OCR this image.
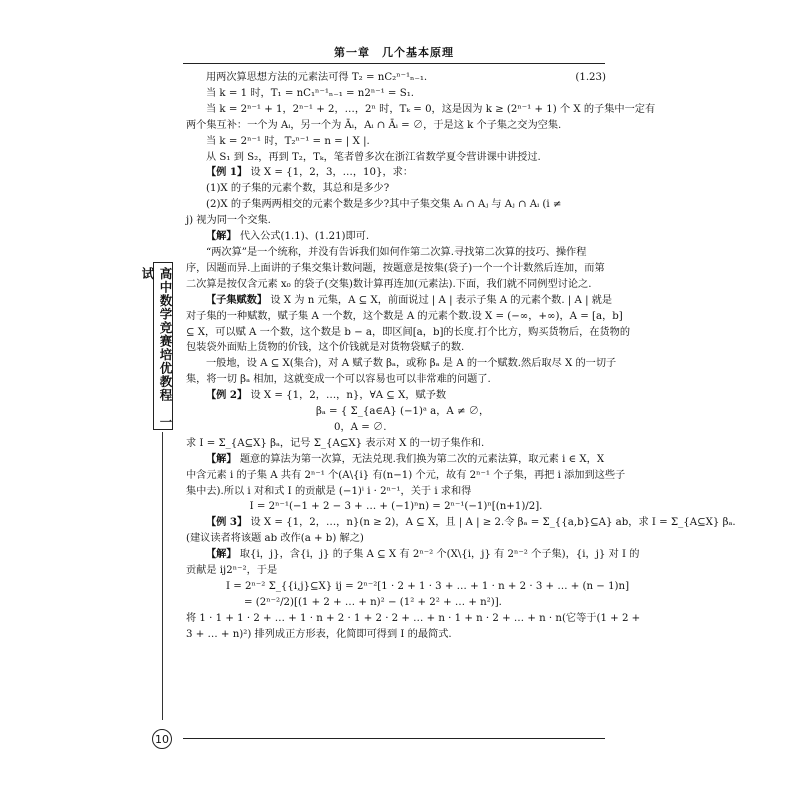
第一章　几个基本原理
用两次算思想方法的元素法可得 T₂ = nC₂ⁿ⁻¹ₙ₋₁.	(1.23)
当 k = 1 时，T₁ = nC₁ⁿ⁻¹ₙ₋₁ = n2ⁿ⁻¹ = S₁.
当 k = 2ⁿ⁻¹ + 1，2ⁿ⁻¹ + 2，…，2ⁿ 时，Tₖ = 0，这是因为 k ≥ (2ⁿ⁻¹ + 1) 个 X 的子集中一定有
两个集互补：一个为 Aᵢ，另一个为 Āᵢ，Aᵢ ∩ Āᵢ = ∅，于是这 k 个子集之交为空集.
当 k = 2ⁿ⁻¹ 时，T₂ⁿ⁻¹ = n = | X |.
从 S₁ 到 S₂，再到 T₂，Tₖ，笔者曾多次在浙江省数学夏令营讲课中讲授过.
【例 1】 设 X = {1，2，3，…，10}，求：
(1)X 的子集的元素个数，其总和是多少?
(2)X 的子集两两相交的元素个数是多少?其中子集交集 Aᵢ ∩ Aⱼ 与 Aⱼ ∩ Aᵢ (i ≠
j) 视为同一个交集.
【解】 代入公式(1.1)、(1.21)即可.
“两次算”是一个统称，并没有告诉我们如何作第二次算.寻找第二次算的技巧、操作程
序，因题而异.上面讲的子集交集计数问题，按题意是按集(袋子)一个一个计数然后连加，而第
二次算是按仅含元素 x₀ 的袋子(交集)数计算再连加(元素法).下面，我们就不同例型讨论之.
【子集赋数】 设 X 为 n 元集，A ⊆ X，前面说过 | A | 表示子集 A 的元素个数. | A | 就是
对子集的一种赋数，赋子集 A 一个数，这个数是 A 的元素个数.设 X = (−∞，+∞)，A = [a，b]
⊆ X，可以赋 A 一个数，这个数是 b − a，即区间[a，b]的长度.打个比方，购买货物后，在货物的
包装袋外面贴上货物的价钱，这个价钱就是对货物袋赋子的数.
一般地，设 A ⊆ X(集合)，对 A 赋子数 βₐ，或称 βₐ 是 A 的一个赋数.然后取尽 X 的一切子
集，将一切 βₐ 相加，这就变成一个可以容易也可以非常难的问题了.
【例 2】 设 X = {1，2，…，n}，∀A ⊆ X，赋予数
βₐ = { Σ_{a∈A} (−1)ᵃ a，A ≠ ∅，
0，A = ∅.
求 I = Σ_{A⊆X} βₐ，记号 Σ_{A⊆X} 表示对 X 的一切子集作和.
【解】 题意的算法为第一次算，无法兑现.我们换为第二次的元素法算，取元素 i ∈ X，X
中含元素 i 的子集 A 共有 2ⁿ⁻¹ 个(A\{i} 有(n−1) 个元，故有 2ⁿ⁻¹ 个子集，再把 i 添加到这些子
集中去).所以 i 对和式 I 的贡献是 (−1)ⁱ i · 2ⁿ⁻¹，关于 i 求和得
I = 2ⁿ⁻¹(−1 + 2 − 3 + … + (−1)ⁿn) = 2ⁿ⁻¹(−1)ⁿ[(n+1)/2].
【例 3】 设 X = {1，2，…，n}(n ≥ 2)，A ⊆ X，且 | A | ≥ 2.令 βₐ = Σ_{{a,b}⊆A} ab，求 I = Σ_{A⊆X} βₐ.
(建议读者将该题 ab 改作(a + b) 解之)
【解】 取{i，j}，含{i，j} 的子集 A ⊆ X 有 2ⁿ⁻² 个(X\{i，j} 有 2ⁿ⁻² 个子集)，{i，j} 对 I 的
贡献是 ij2ⁿ⁻²，于是
I = 2ⁿ⁻² Σ_{{i,j}⊆X} ij = 2ⁿ⁻²[1 · 2 + 1 · 3 + … + 1 · n + 2 · 3 + … + (n − 1)n]
= (2ⁿ⁻²/2)[(1 + 2 + … + n)² − (1² + 2² + … + n²)].
将 1 · 1 + 1 · 2 + … + 1 · n + 2 · 1 + 2 · 2 + … + n · 1 + n · 2 + … + n · n(它等于(1 + 2 +
3 + … + n)²) 排列成正方形表，化简即可得到 I 的最简式.
高中数学竞赛培优教程　一试
10
